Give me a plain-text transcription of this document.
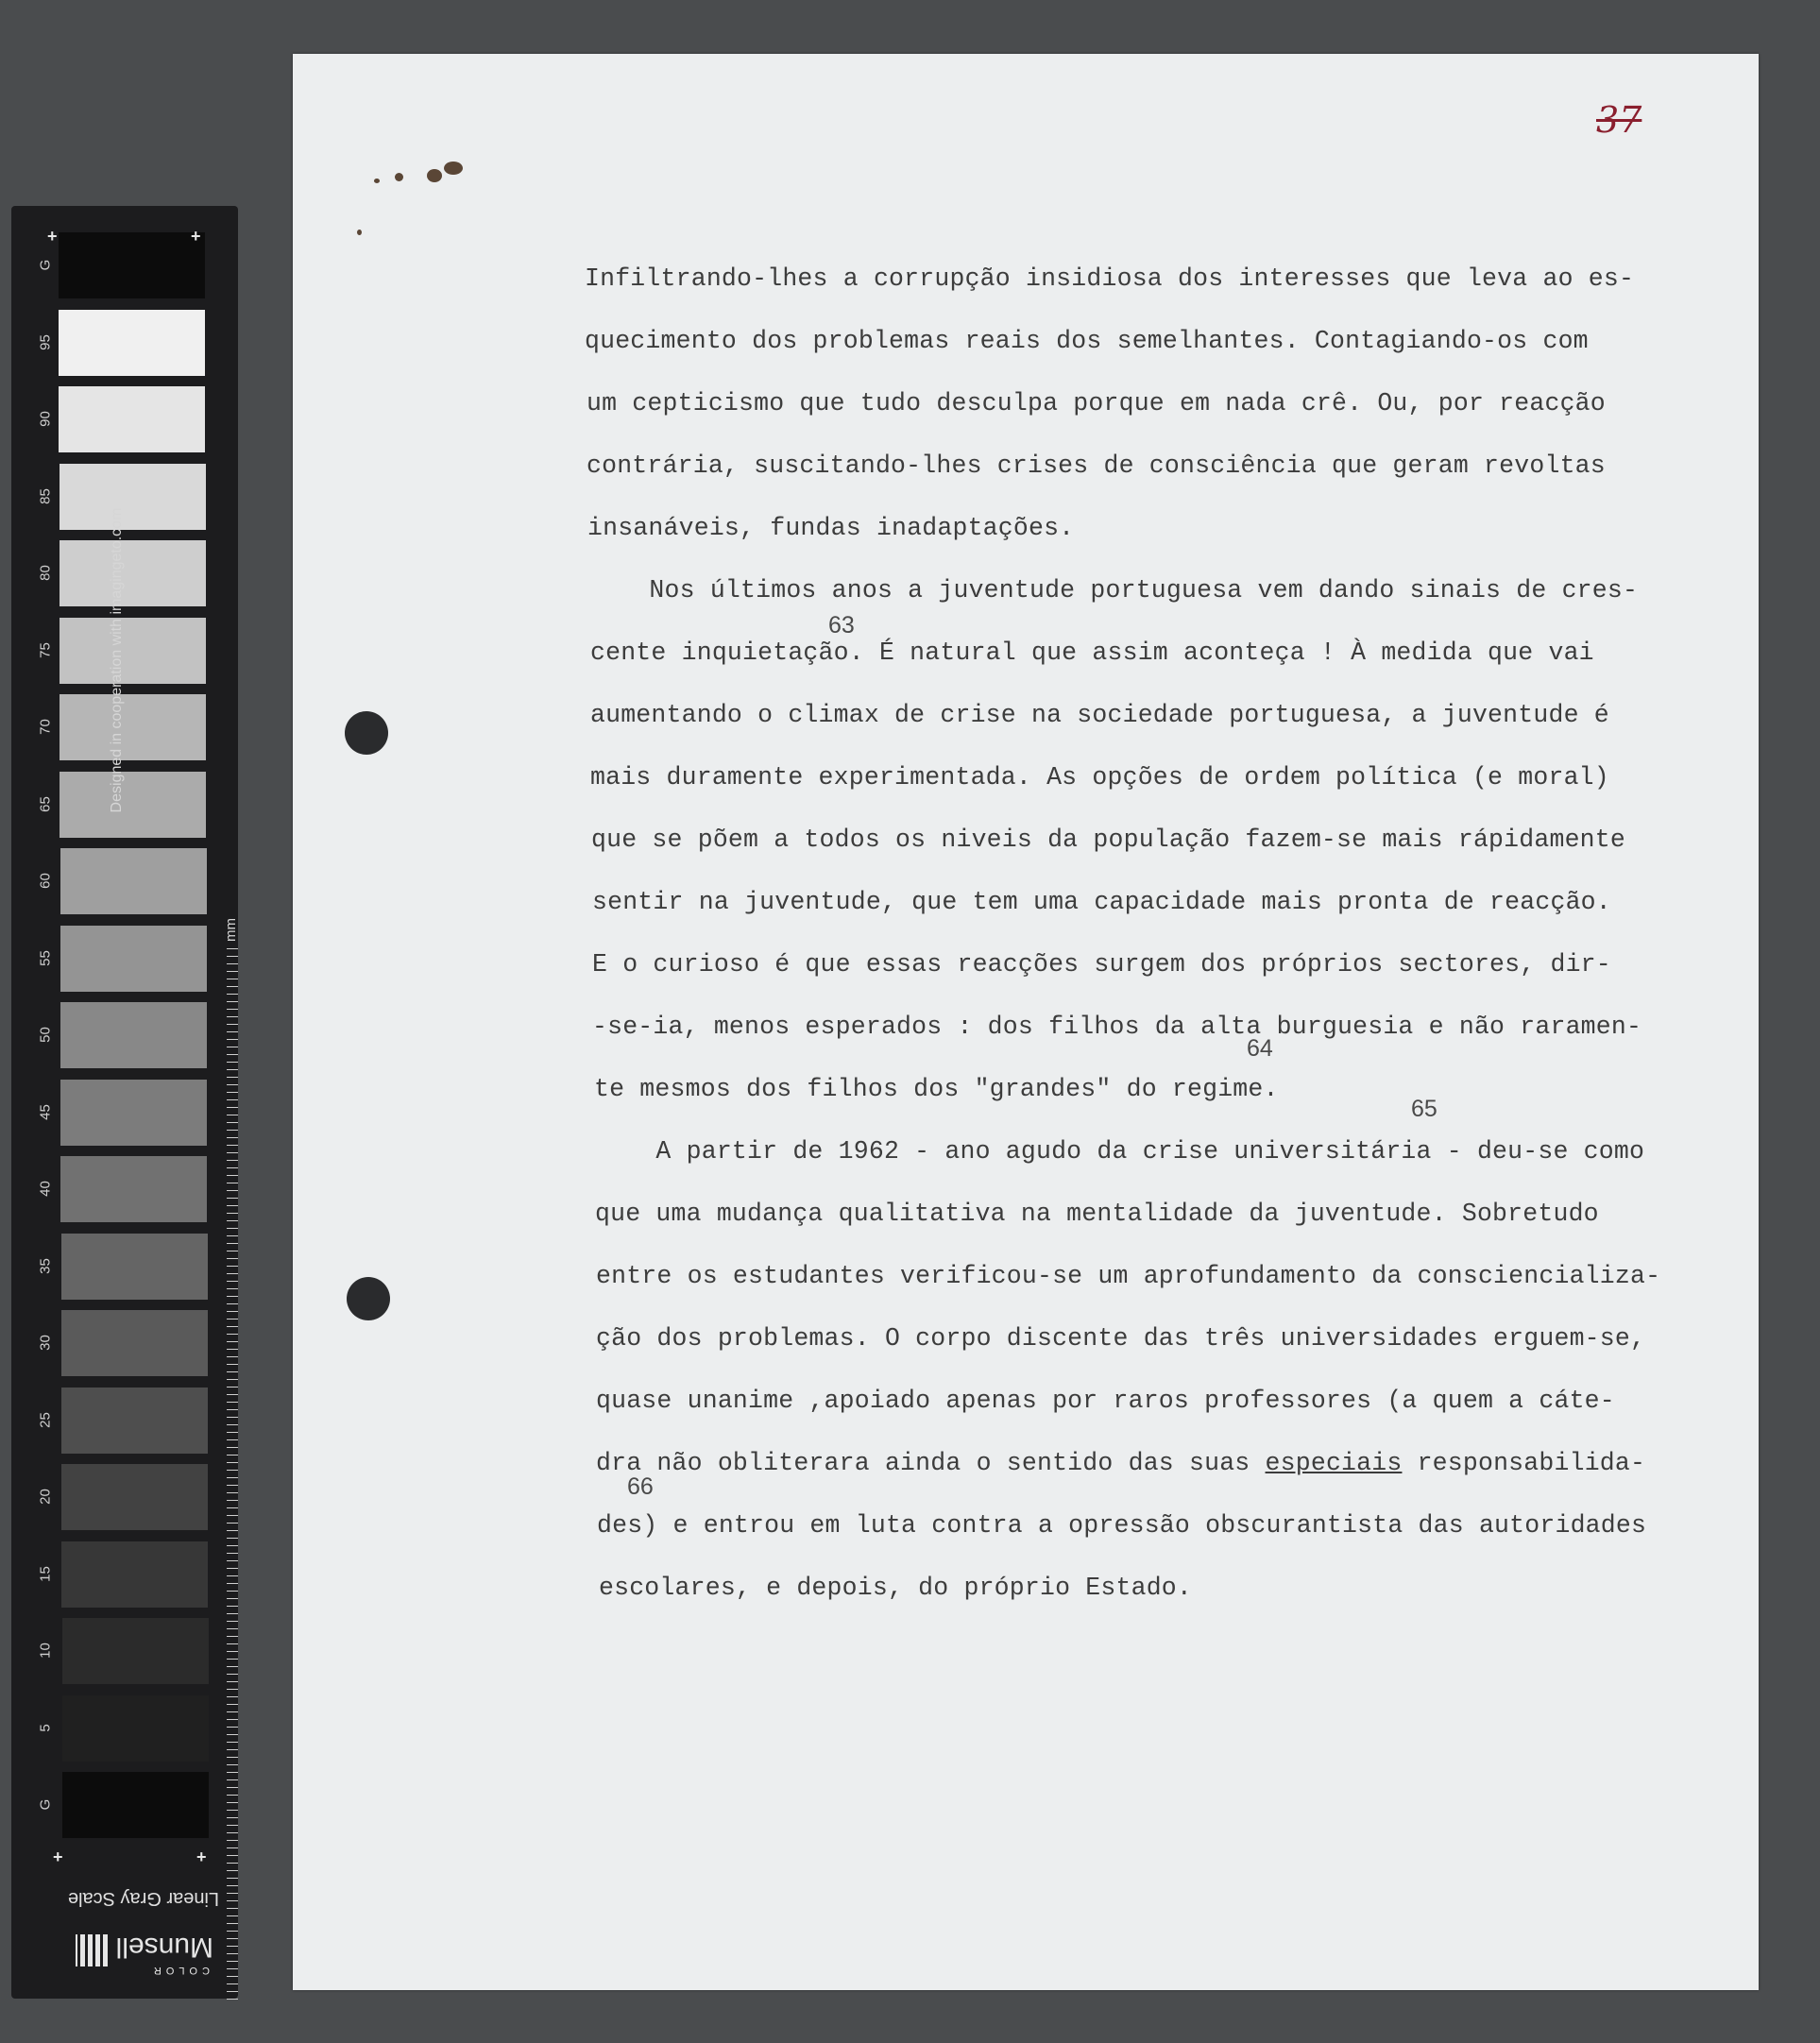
G
95
90
85
80
75
70
65
60
55
50
45
40
35
30
25
20
15
10
5
G
Designed in cooperation with imagingeto.com
mm
+	+
+	+
Linear Gray Scale
Munsell
COLOR
37
Infiltrando-lhes a corrupção insidiosa dos interesses que leva ao es-
quecimento dos problemas reais dos semelhantes. Contagiando-os com
um cepticismo que tudo desculpa porque em nada crê. Ou, por reacção
contrária, suscitando-lhes crises de consciência que geram revoltas
insanáveis, fundas inadaptações.
Nos últimos anos a juventude portuguesa vem dando sinais de cres-
cente inquietação. É natural que assim aconteça ! À medida que vai
aumentando o climax de crise na sociedade portuguesa, a juventude é
mais duramente experimentada. As opções de ordem política (e moral)
que se põem a todos os niveis da população fazem-se mais rápidamente
sentir na juventude, que tem uma capacidade mais pronta de reacção.
E o curioso é que essas reacções surgem dos próprios sectores, dir-
-se-ia, menos esperados : dos filhos da alta burguesia e não raramen-
te mesmos dos filhos dos "grandes" do regime.
A partir de 1962 - ano agudo da crise universitária - deu-se como
que uma mudança qualitativa na mentalidade da juventude. Sobretudo
entre os estudantes verificou-se um aprofundamento da consciencializa-
ção dos problemas. O corpo discente das três universidades erguem-se,
quase unanime ,apoiado apenas por raros professores (a quem a cáte-
dra não obliterara ainda o sentido das suas especiais responsabilida-
des) e entrou em luta contra a opressão obscurantista das autoridades
escolares, e depois, do próprio Estado.
63
64
65
66
